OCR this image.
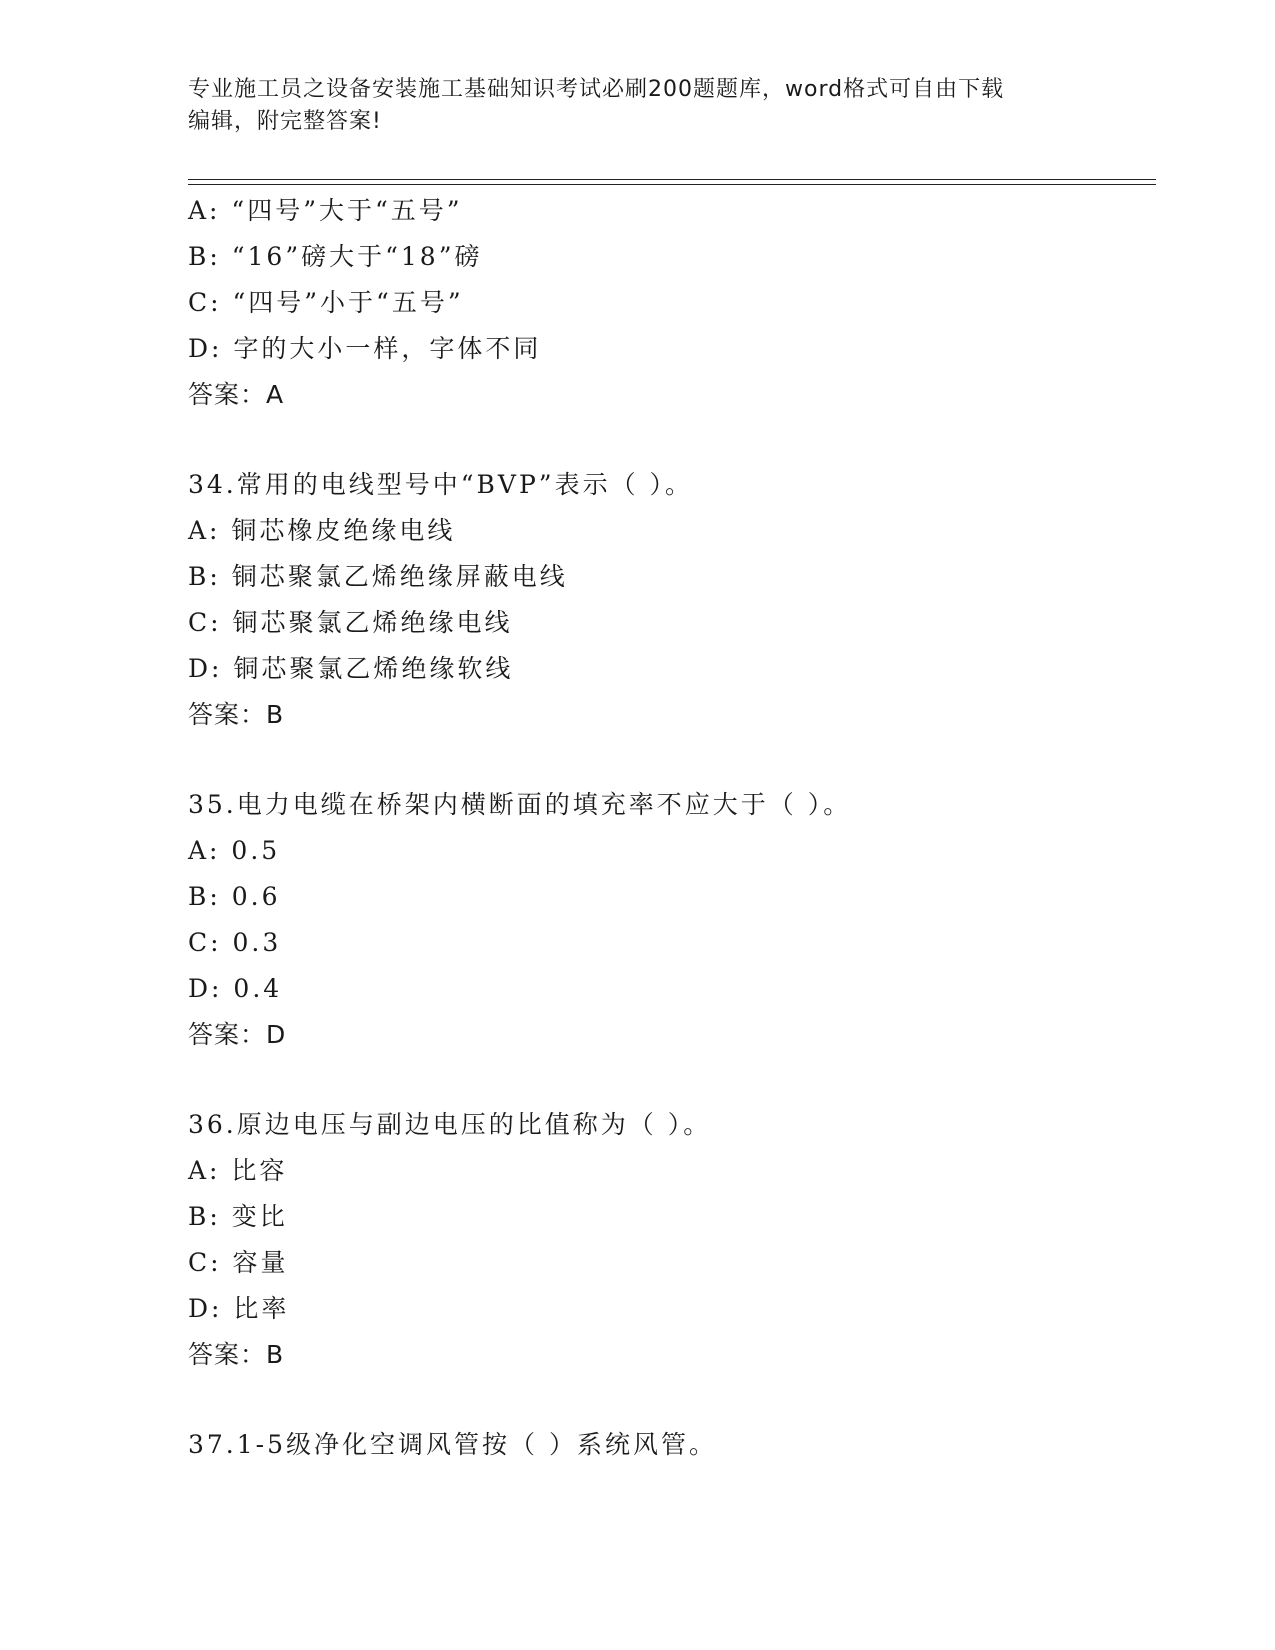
专业施工员之设备安装施工基础知识考试必刷200题题库，word格式可自由下载
编辑，附完整答案!
A: “四号”大于“五号”
B: “16”磅大于“18”磅
C: “四号”小于“五号”
D: 字的大小一样，字体不同
答案：A
34.常用的电线型号中“BVP”表示（ ）。
A: 铜芯橡皮绝缘电线
B: 铜芯聚氯乙烯绝缘屏蔽电线
C: 铜芯聚氯乙烯绝缘电线
D: 铜芯聚氯乙烯绝缘软线
答案：B
35.电力电缆在桥架内横断面的填充率不应大于（ ）。
A: 0.5
B: 0.6
C: 0.3
D: 0.4
答案：D
36.原边电压与副边电压的比值称为（ ）。
A: 比容
B: 变比
C: 容量
D: 比率
答案：B
37.1-5级净化空调风管按（ ）系统风管。
